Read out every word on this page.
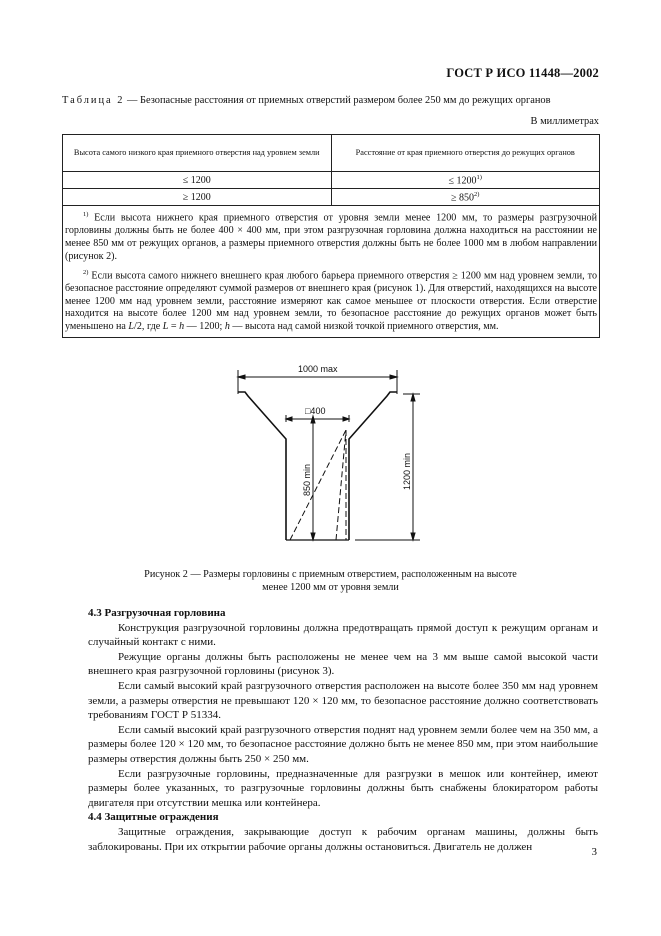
ГОСТ Р ИСО 11448—2002
Таблица 2 — Безопасные расстояния от приемных отверстий размером более 250 мм до режущих органов
В миллиметрах
Высота самого низкого края приемного отверстия над уровнем земли	Расстояние от края приемного отверстия до режущих органов
≤ 1200	≤ $1200^{1)}$
≥ 1200	≥ $850^{2)}$

$^{1)}$ Если высота нижнего края приемного отверстия от уровня земли менее 1200 мм, то размеры разгрузочной горловины должны быть не более 400 × 400 мм, при этом разгрузочная горловина должна находиться на расстоянии не менее 850 мм от режущих органов, а размеры приемного отверстия должны быть не более 1000 мм в любом направлении (рисунок 2).

$^{2)}$ Если высота самого нижнего внешнего края любого барьера приемного отверстия ≥ 1200 мм над уровнем земли, то безопасное расстояние определяют суммой размеров от внешнего края (рисунок 1). Для отверстий, находящихся на высоте менее 1200 мм над уровнем земли, расстояние измеряют как самое меньшее от плоскости отверстия. Если отверстие находится на высоте более 1200 мм над уровнем земли, то безопасное расстояние до режущих органов может быть уменьшено на L/2, где L = h — 1200; h — высота над самой низкой точкой приемного отверстия, мм.	

1000 max
□400
850 min	1200 min
Рисунок 2 — Размеры горловины с приемным отверстием, расположенным на высоте
менее 1200 мм от уровня земли
4.3 Разгрузочная горловина

Конструкция разгрузочной горловины должна предотвращать прямой доступ к режущим органам и случайный контакт с ними.

Режущие органы должны быть расположены не менее чем на 3 мм выше самой высокой части внешнего края разгрузочной горловины (рисунок 3).

Если самый высокий край разгрузочного отверстия расположен на высоте более 350 мм над уровнем земли, а размеры отверстия не превышают 120 × 120 мм, то безопасное расстояние должно соответствовать требованиям ГОСТ Р 51334.

Если самый высокий край разгрузочного отверстия поднят над уровнем земли более чем на 350 мм, а размеры более 120 × 120 мм, то безопасное расстояние должно быть не менее 850 мм, при этом наибольшие размеры отверстия должны быть 250 × 250 мм.

Если разгрузочные горловины, предназначенные для разгрузки в мешок или контейнер, имеют размеры более указанных, то разгрузочные горловины должны быть снабжены блокиратором работы двигателя при отсутствии мешка или контейнера.

4.4 Защитные ограждения

Защитные ограждения, закрывающие доступ к рабочим органам машины, должны быть заблокированы. При их открытии рабочие органы должны остановиться. Двигатель не должен	3
